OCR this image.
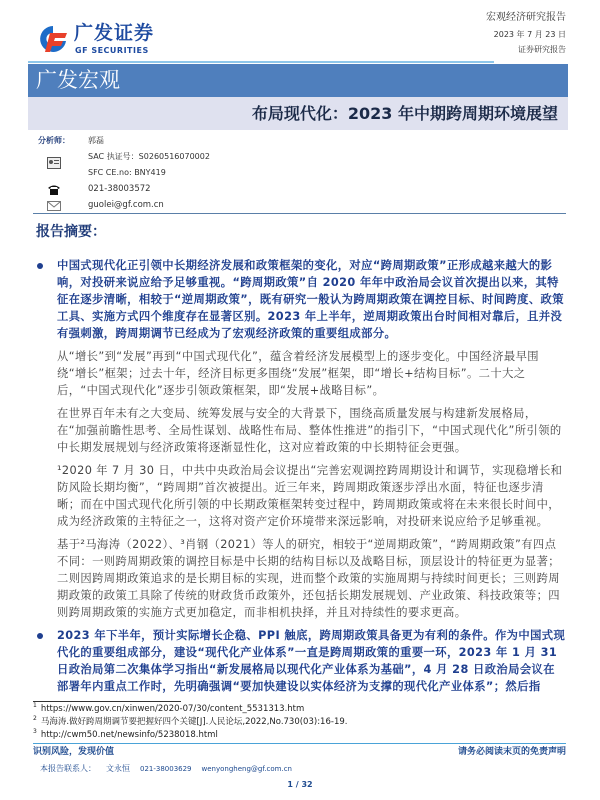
广发证券
GF SECURITIES
宏观经济研究报告
2023 年 7 月 23 日
证券研究报告
广发宏观
布局现代化：2023 年中期跨周期环境展望
分析师： 郭磊
SAC 执证号：S0260516070002
SFC CE.no: BNY419
021-38003572
guolei@gf.com.cn
报告摘要：
中国式现代化正引领中长期经济发展和政策框架的变化，对应“跨周期政策”正形成越来越大的影响，对投研来说应给予足够重视。“跨周期政策”自 2020 年年中政治局会议首次提出以来，其特征在逐步清晰，相较于“逆周期政策”，既有研究一般认为跨周期政策在调控目标、时间跨度、政策工具、实施方式四个维度存在显著区别。2023 年上半年，逆周期政策出台时间相对靠后，且并没有强刺激，跨周期调节已经成为了宏观经济政策的重要组成部分。
从“增长”到“发展”再到“中国式现代化”，蕴含着经济发展模型上的逐步变化。中国经济最早围绕“增长”框架；过去十年，经济目标更多围绕“发展”框架，即“增长+结构目标”。二十大之后，“中国式现代化”逐步引领政策框架，即“发展+战略目标”。
在世界百年未有之大变局、统筹发展与安全的大背景下，围绕高质量发展与构建新发展格局，在“加强前瞻性思考、全局性谋划、战略性布局、整体性推进”的指引下，“中国式现代化”所引领的中长期发展规划与经济政策将逐渐显性化，这对应着政策的中长期特征会更强。
¹2020 年 7 月 30 日，中共中央政治局会议提出“完善宏观调控跨周期设计和调节，实现稳增长和防风险长期均衡”，“跨周期”首次被提出。近三年来，跨周期政策逐步浮出水面，特征也逐步清晰；而在中国式现代化所引领的中长期政策框架转变过程中，跨周期政策或将在未来很长时间中，成为经济政策的主特征之一，这将对资产定价环境带来深远影响，对投研来说应给予足够重视。
基于²马海涛（2022）、³肖钢（2021）等人的研究，相较于“逆周期政策”，“跨周期政策”有四点不同：一则跨周期政策的调控目标是中长期的结构目标以及战略目标，顶层设计的特征更为显著；二则因跨周期政策追求的是长期目标的实现，进而整个政策的实施周期与持续时间更长；三则跨周期政策的政策工具除了传统的财政货币政策外，还包括长期发展规划、产业政策、科技政策等；四则跨周期政策的实施方式更加稳定，而非相机抉择，并且对持续性的要求更高。
2023 年下半年，预计实际增长企稳、PPI 触底，跨周期政策具备更为有利的条件。作为中国式现代化的重要组成部分，建设“现代化产业体系”一直是跨周期政策的重要一环，2023 年 1 月 31 日政治局第二次集体学习指出“新发展格局以现代化产业体系为基础”，4 月 28 日政治局会议在部署年内重点工作时，先明确强调“要加快建设以实体经济为支撑的现代化产业体系”；然后指
$^1$ https://www.gov.cn/xinwen/2020-07/30/content_5531313.htm
$^2$ 马海涛.做好跨周期调节要把握好四个关键[J].人民论坛,2022,No.730(03):16-19.
$^3$ http://cwm50.net/newsinfo/5238018.html
识别风险，发现价值	请务必阅读末页的免责声明
本报告联系人： 文永恒 021-38003629 wenyongheng@gf.com.cn
1 / 32
